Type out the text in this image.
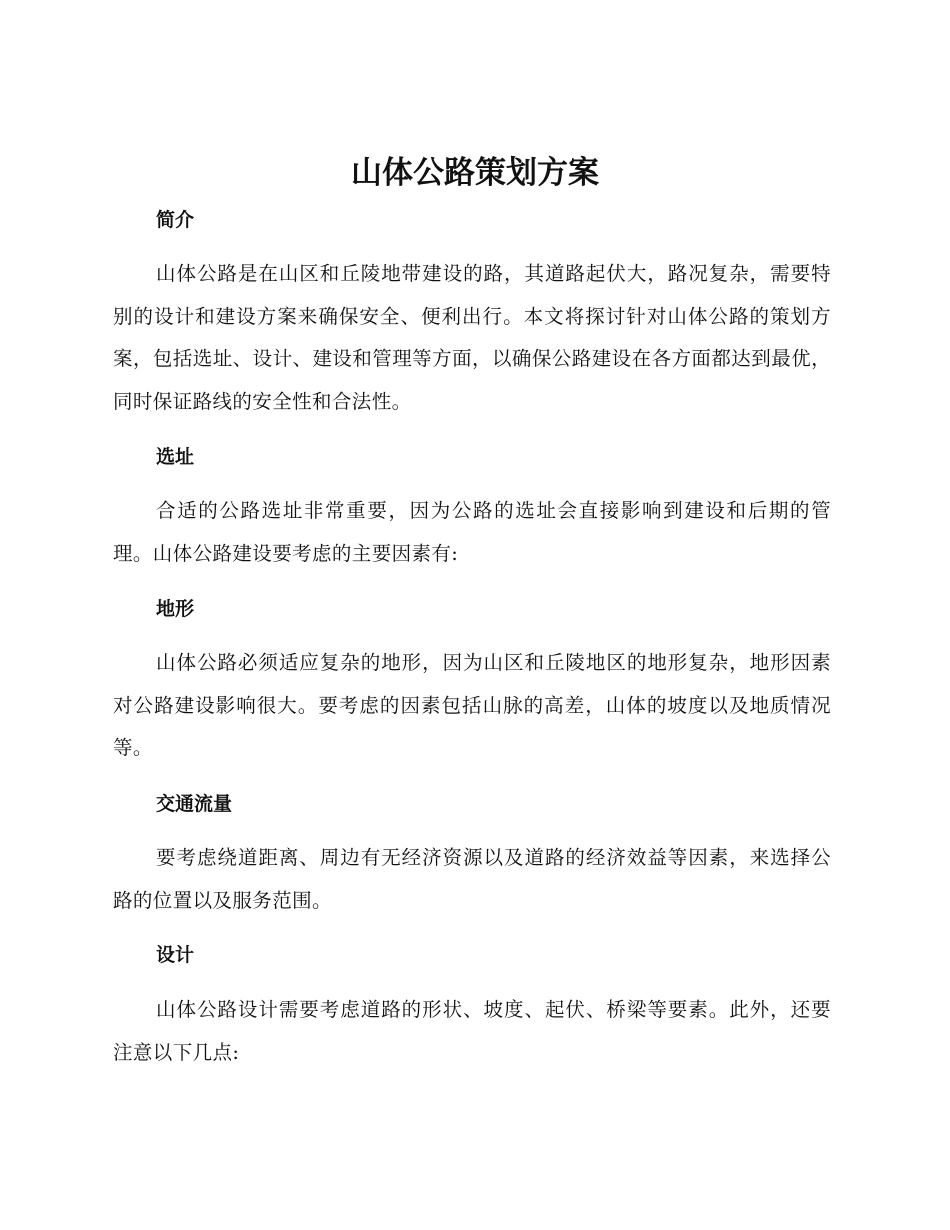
山体公路策划方案
简介

山体公路是在山区和丘陵地带建设的路，其道路起伏大，路况复杂，需要特别的设计和建设方案来确保安全、便利出行。本文将探讨针对山体公路的策划方案，包括选址、设计、建设和管理等方面，以确保公路建设在各方面都达到最优，同时保证路线的安全性和合法性。

选址

合适的公路选址非常重要，因为公路的选址会直接影响到建设和后期的管理。山体公路建设要考虑的主要因素有:

地形

山体公路必须适应复杂的地形，因为山区和丘陵地区的地形复杂，地形因素对公路建设影响很大。要考虑的因素包括山脉的高差，山体的坡度以及地质情况等。

交通流量

要考虑绕道距离、周边有无经济资源以及道路的经济效益等因素，来选择公路的位置以及服务范围。

设计

山体公路设计需要考虑道路的形状、坡度、起伏、桥梁等要素。此外，还要注意以下几点:
